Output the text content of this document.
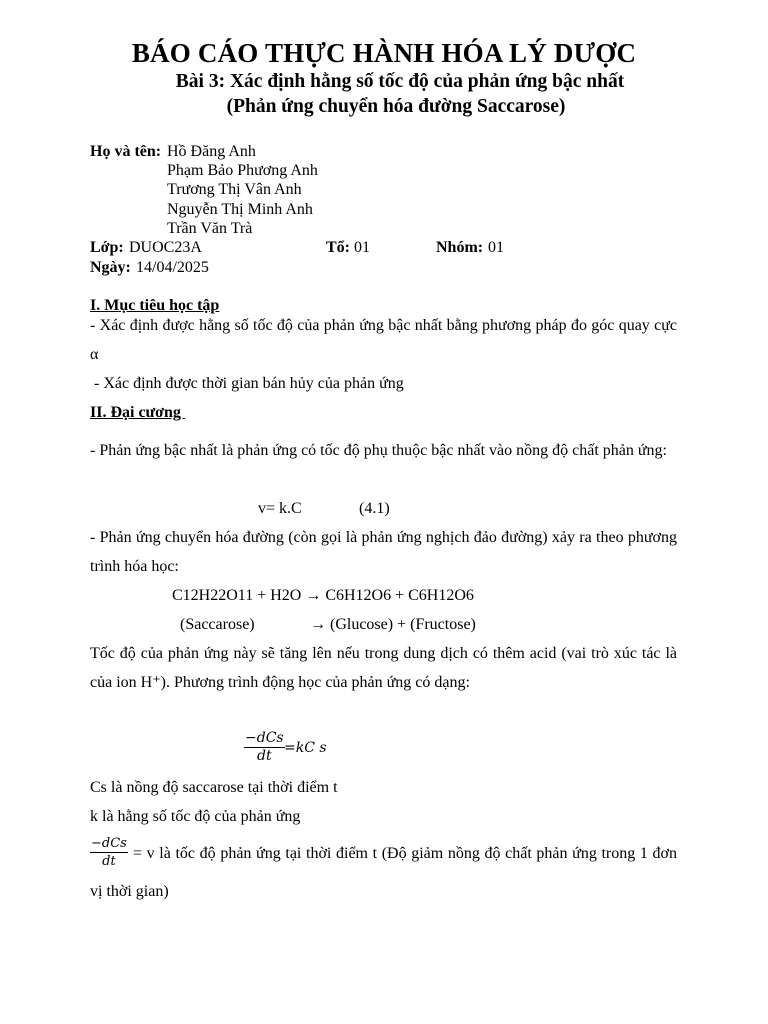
BÁO CÁO THỰC HÀNH HÓA LÝ DƯỢC
Bài 3: Xác định hằng số tốc độ của phản ứng bậc nhất
(Phản ứng chuyển hóa đường Saccarose)
Họ và tên: Hồ Đăng Anh
Phạm Bảo Phương Anh
Trương Thị Vân Anh
Nguyễn Thị Minh Anh
Trần Văn Trà
Lớp: DUOC23A	Tổ: 01	Nhóm: 01
Ngày: 14/04/2025
I. Mục tiêu học tập
- Xác định được hằng số tốc độ của phản ứng bậc nhất bằng phương pháp đo góc quay cực α
- Xác định được thời gian bán hủy của phản ứng
II. Đại cương
- Phản ứng bậc nhất là phản ứng có tốc độ phụ thuộc bậc nhất vào nồng độ chất phản ứng:
v= k.C	(4.1)
- Phản ứng chuyển hóa đường (còn gọi là phản ứng nghịch đảo đường) xảy ra theo phương trình hóa học:
C12H22O11 + H2O → C6H12O6 + C6H12O6
(Saccarose)	→ (Glucose) + (Fructose)
Tốc độ của phản ứng này sẽ tăng lên nếu trong dung dịch có thêm acid (vai trò xúc tác là của ion H⁺). Phương trình động học của phản ứng có dạng:
−dCs
dt =kC s
Cs là nồng độ saccarose tại thời điểm t
k là hằng số tốc độ của phản ứng
−dCs
dt	= v là tốc độ phản ứng tại thời điểm t (Độ giảm nồng độ chất phản ứng trong 1 đơn
vị thời gian)
